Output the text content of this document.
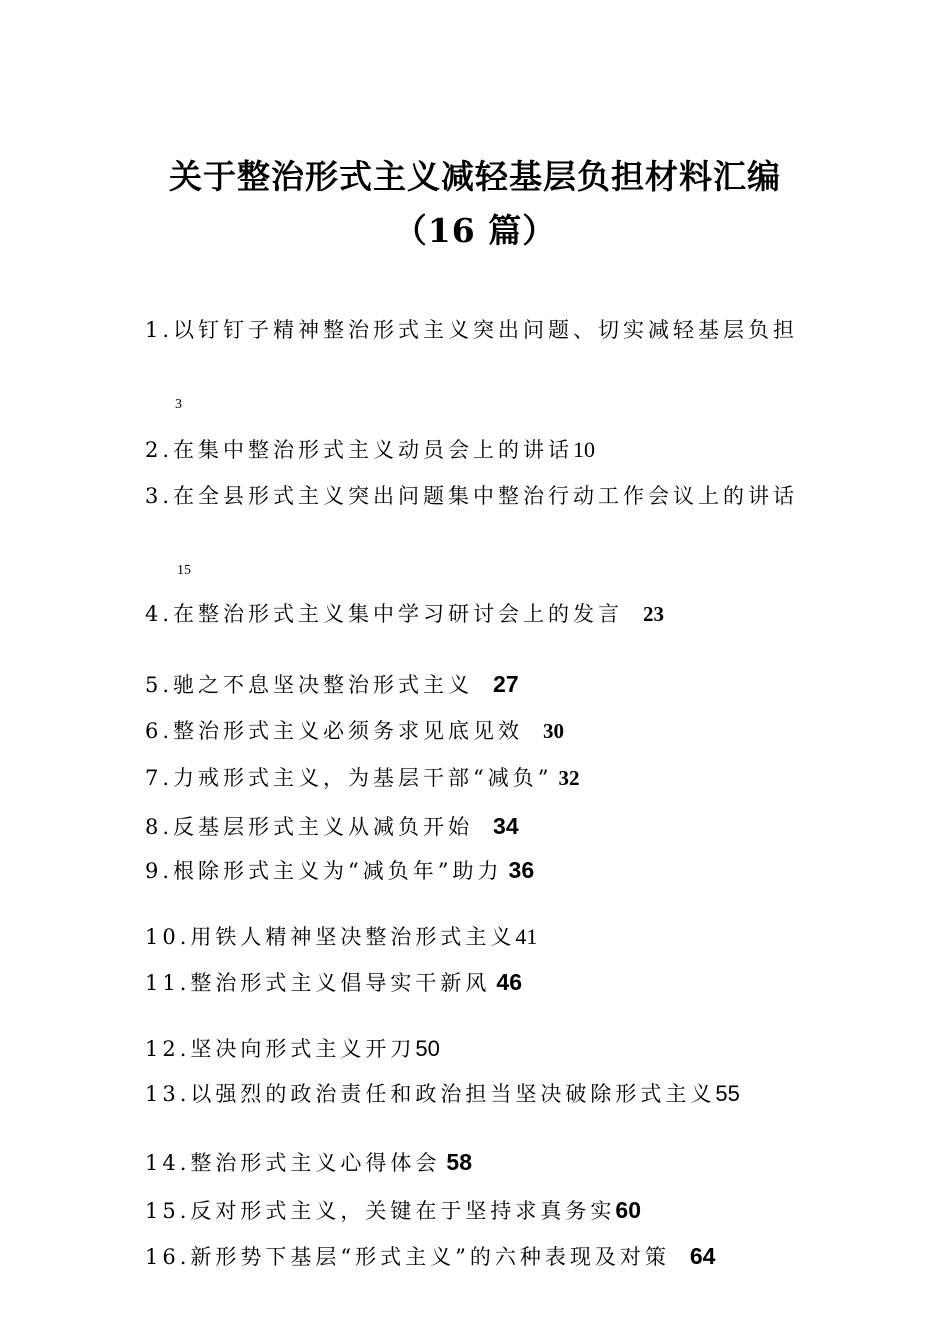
关于整治形式主义减轻基层负担材料汇编
（16 篇）
1.以钉钉子精神整治形式主义突出问题、切实减轻基层负担
3
2.在集中整治形式主义动员会上的讲话10
3.在全县形式主义突出问题集中整治行动工作会议上的讲话
15
4.在整治形式主义集中学习研讨会上的发言 23
5.驰之不息坚决整治形式主义 27
6.整治形式主义必须务求见底见效 30
7.力戒形式主义，为基层干部“减负” 32
8.反基层形式主义从减负开始 34
9.根除形式主义为“减负年”助力 36
10.用铁人精神坚决整治形式主义41
11.整治形式主义倡导实干新风 46
12.坚决向形式主义开刀50
13.以强烈的政治责任和政治担当坚决破除形式主义55
14.整治形式主义心得体会 58
15.反对形式主义，关键在于坚持求真务实60
16.新形势下基层“形式主义”的六种表现及对策 64
